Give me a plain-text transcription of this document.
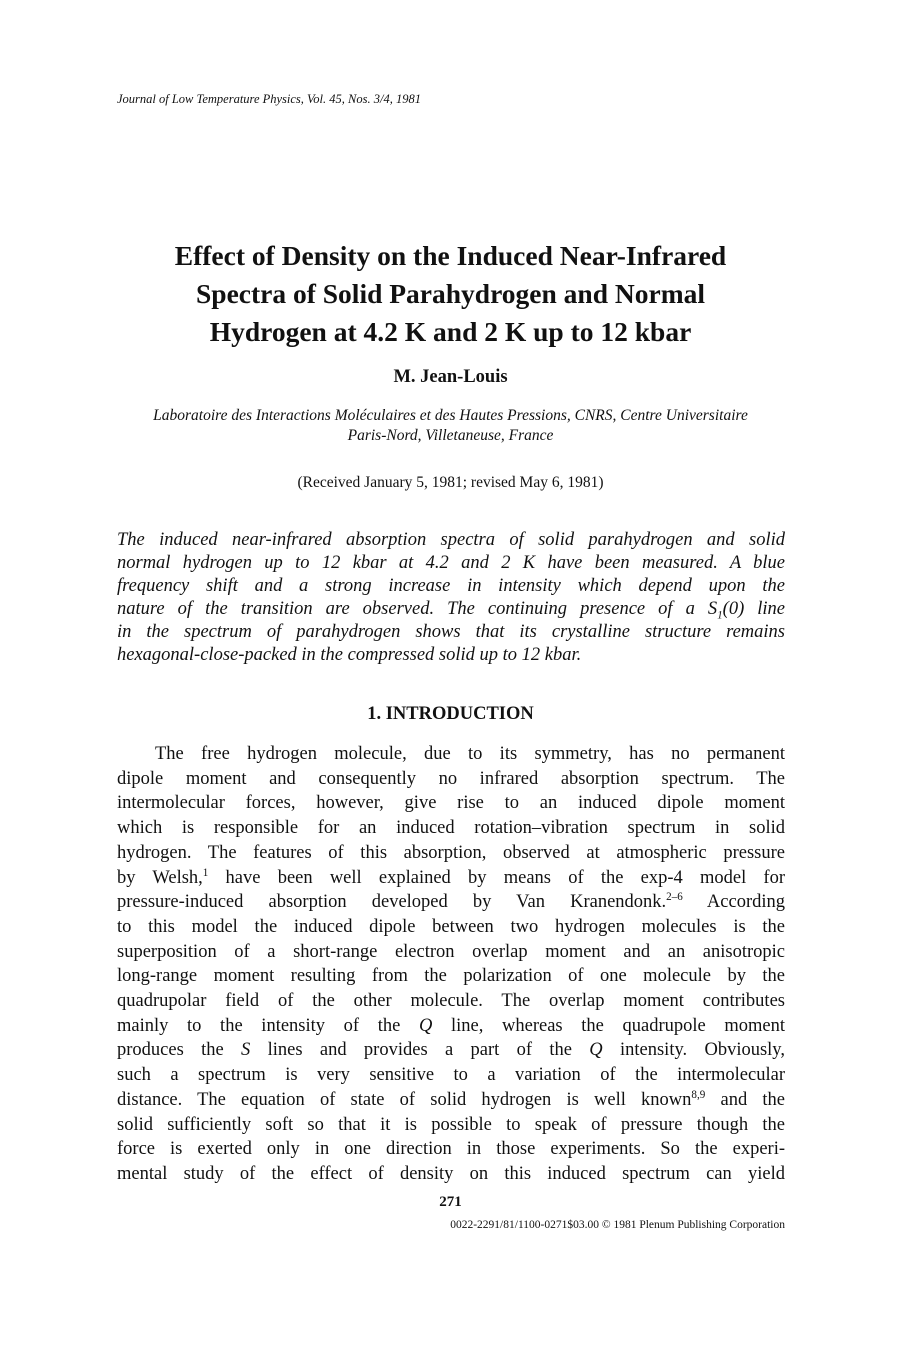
Journal of Low Temperature Physics, Vol. 45, Nos. 3/4, 1981
Effect of Density on the Induced Near-Infrared
Spectra of Solid Parahydrogen and Normal
Hydrogen at 4.2 K and 2 K up to 12 kbar
M. Jean-Louis
Laboratoire des Interactions Moléculaires et des Hautes Pressions, CNRS, Centre Universitaire
Paris-Nord, Villetaneuse, France
(Received January 5, 1981; revised May 6, 1981)
The induced near-infrared absorption spectra of solid parahydrogen and solid
normal hydrogen up to 12 kbar at 4.2 and 2 K have been measured. A blue
frequency shift and a strong increase in intensity which depend upon the
nature of the transition are observed. The continuing presence of a $S_1(0)$ line
in the spectrum of parahydrogen shows that its crystalline structure remains
hexagonal-close-packed in the compressed solid up to 12 kbar.
1. INTRODUCTION
The free hydrogen molecule, due to its symmetry, has no permanent
dipole moment and consequently no infrared absorption spectrum. The
intermolecular forces, however, give rise to an induced dipole moment
which is responsible for an induced rotation–vibration spectrum in solid
hydrogen. The features of this absorption, observed at atmospheric pressure
by Welsh,$^1$ have been well explained by means of the exp-4 model for
pressure-induced absorption developed by Van Kranendonk.$^{2-6}$ According
to this model the induced dipole between two hydrogen molecules is the
superposition of a short-range electron overlap moment and an anisotropic
long-range moment resulting from the polarization of one molecule by the
quadrupolar field of the other molecule. The overlap moment contributes
mainly to the intensity of the Q line, whereas the quadrupole moment
produces the S lines and provides a part of the Q intensity. Obviously,
such a spectrum is very sensitive to a variation of the intermolecular
distance. The equation of state of solid hydrogen is well known$^{8,9}$ and the
solid sufficiently soft so that it is possible to speak of pressure though the
force is exerted only in one direction in those experiments. So the experi-
mental study of the effect of density on this induced spectrum can yield
271
0022-2291/81/1100-0271$03.00 © 1981 Plenum Publishing Corporation
